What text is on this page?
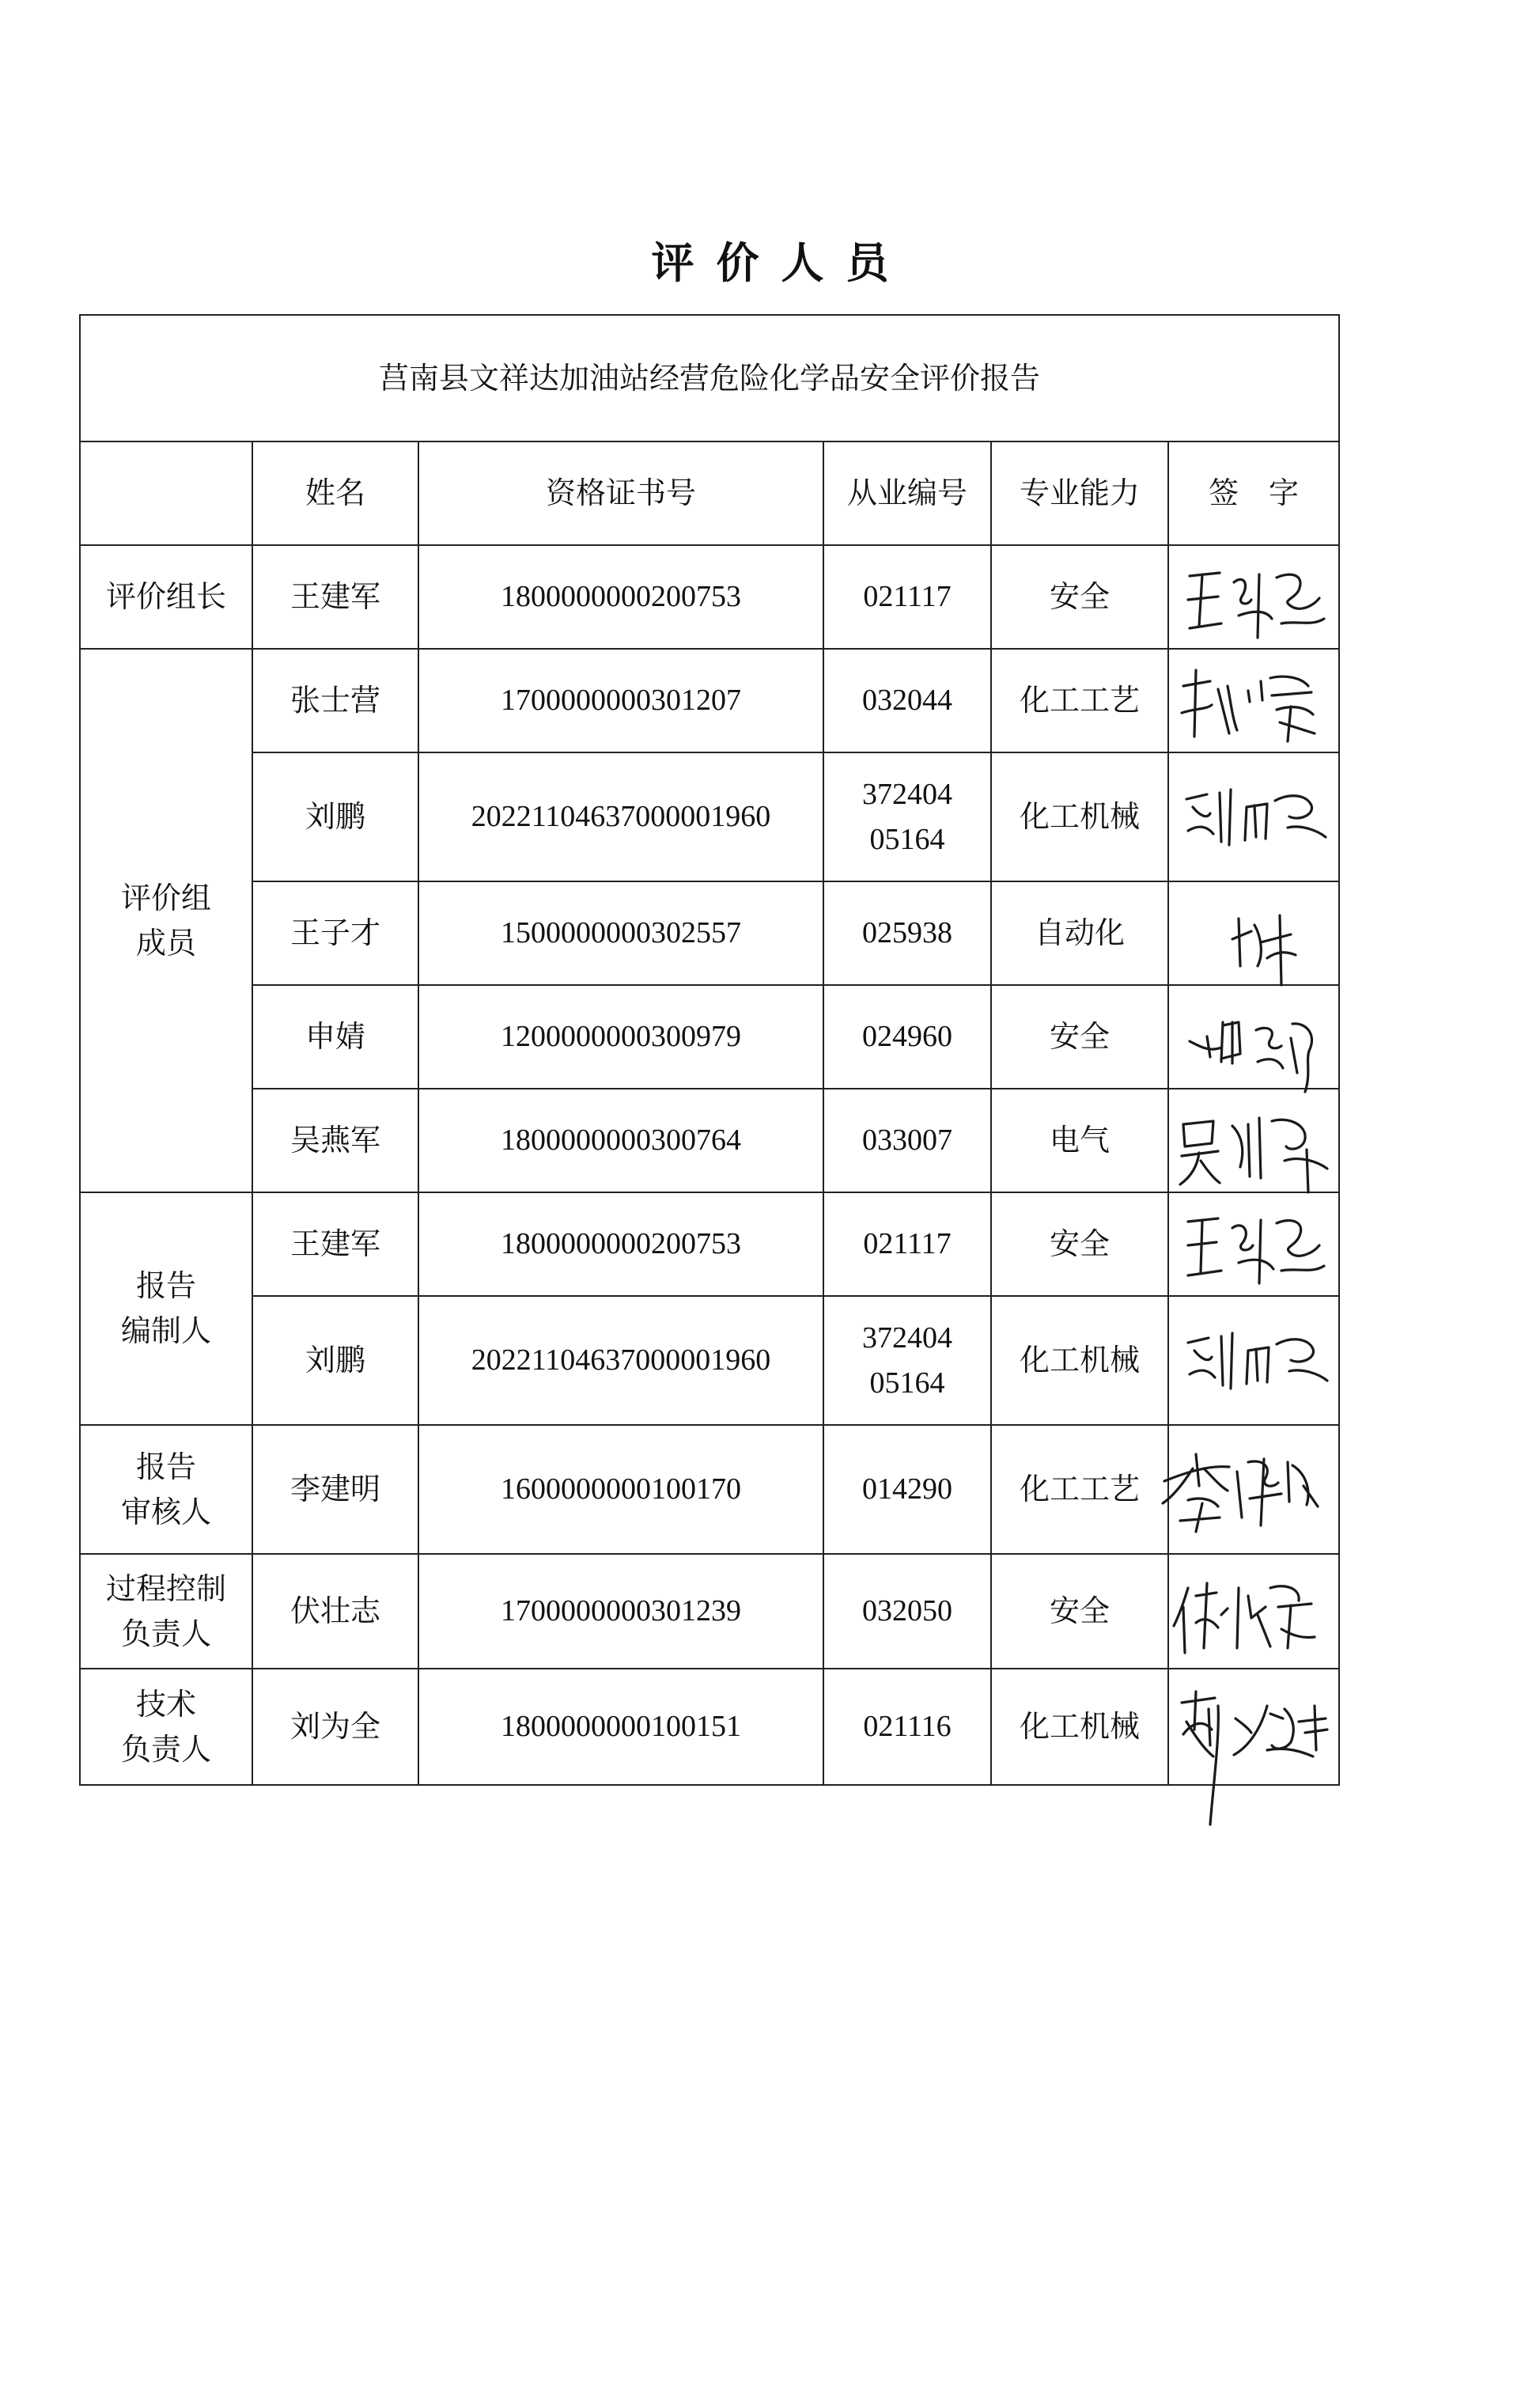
评 价 人 员
莒南县文祥达加油站经营危险化学品安全评价报告					
	姓名	资格证书号	从业编号	专业能力	签　字
评价组长	王建军	1800000000200753	021117	安全	

评价组
成员	张士营	1700000000301207	032044	化工工艺	

	刘鹏	20221104637000001960	372404
05164	化工机械	

	王子才	1500000000302557	025938	自动化	

	申婧	1200000000300979	024960	安全	

	吴燕军	1800000000300764	033007	电气	

报告
编制人	王建军	1800000000200753	021117	安全	

	刘鹏	20221104637000001960	372404
05164	化工机械	

报告
审核人	李建明	1600000000100170	014290	化工工艺	

过程控制
负责人	伏壮志	1700000000301239	032050	安全	

技术
负责人	刘为全	1800000000100151	021116	化工机械	
